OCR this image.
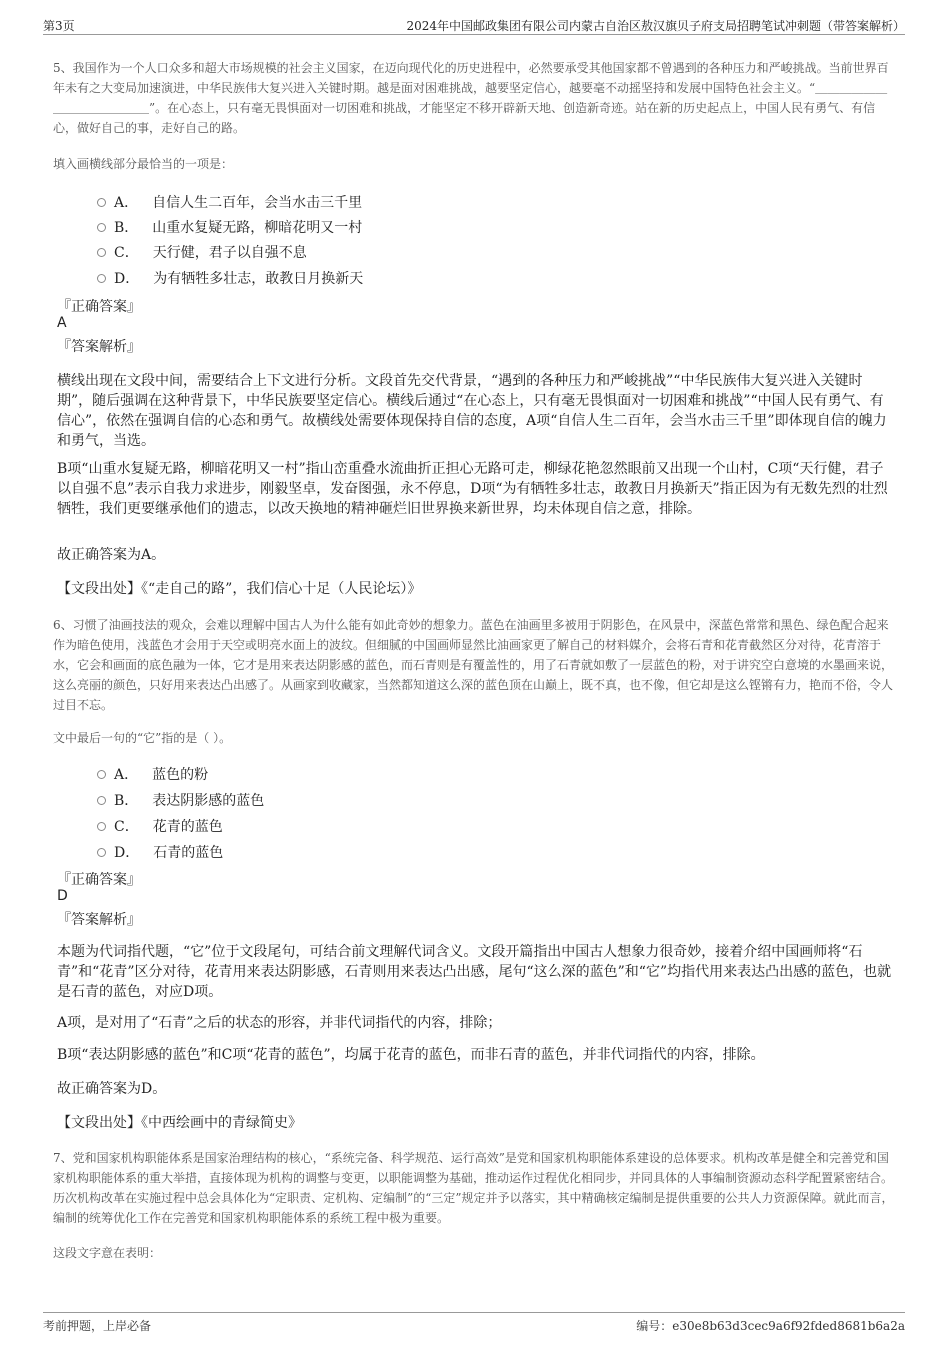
第3页	2024年中国邮政集团有限公司内蒙古自治区敖汉旗贝子府支局招聘笔试冲刺题（带答案解析）
5、我国作为一个人口众多和超大市场规模的社会主义国家，在迈向现代化的历史进程中，必然要承受其他国家都不曾遇到的各种压力和严峻挑战。当前世界百年未有之大变局加速演进，中华民族伟大复兴进入关键时期。越是面对困难挑战，越要坚定信心，越要毫不动摇坚持和发展中国特色社会主义。“＿＿＿＿＿＿＿＿＿＿＿＿＿＿”。在心态上，只有毫无畏惧面对一切困难和挑战，才能坚定不移开辟新天地、创造新奇迹。站在新的历史起点上，中国人民有勇气、有信心，做好自己的事，走好自己的路。
填入画横线部分最恰当的一项是：
A． 自信人生二百年，会当水击三千里
B． 山重水复疑无路，柳暗花明又一村
C． 天行健，君子以自强不息
D． 为有牺牲多壮志，敢教日月换新天
『正确答案』
A
『答案解析』
横线出现在文段中间，需要结合上下文进行分析。文段首先交代背景，“遇到的各种压力和严峻挑战”“中华民族伟大复兴进入关键时期”，随后强调在这种背景下，中华民族要坚定信心。横线后通过“在心态上，只有毫无畏惧面对一切困难和挑战”“中国人民有勇气、有信心”，依然在强调自信的心态和勇气。故横线处需要体现保持自信的态度，A项“自信人生二百年，会当水击三千里”即体现自信的魄力和勇气，当选。
B项“山重水复疑无路，柳暗花明又一村”指山峦重叠水流曲折正担心无路可走，柳绿花艳忽然眼前又出现一个山村，C项“天行健，君子以自强不息”表示自我力求进步，刚毅坚卓，发奋图强，永不停息，D项“为有牺牲多壮志，敢教日月换新天”指正因为有无数先烈的壮烈牺牲，我们更要继承他们的遗志，以改天换地的精神砸烂旧世界换来新世界，均未体现自信之意，排除。
故正确答案为A。
【文段出处】《“走自己的路”，我们信心十足（人民论坛）》
6、习惯了油画技法的观众，会难以理解中国古人为什么能有如此奇妙的想象力。蓝色在油画里多被用于阴影色，在风景中，深蓝色常常和黑色、绿色配合起来作为暗色使用，浅蓝色才会用于天空或明亮水面上的波纹。但细腻的中国画师显然比油画家更了解自己的材料媒介，会将石青和花青截然区分对待，花青溶于水，它会和画面的底色融为一体，它才是用来表达阴影感的蓝色，而石青则是有覆盖性的，用了石青就如敷了一层蓝色的粉，对于讲究空白意境的水墨画来说，这么亮丽的颜色，只好用来表达凸出感了。从画家到收藏家，当然都知道这么深的蓝色顶在山巅上，既不真，也不像，但它却是这么铿锵有力，艳而不俗，令人过目不忘。
文中最后一句的“它”指的是（ ）。
A． 蓝色的粉
B． 表达阴影感的蓝色
C． 花青的蓝色
D． 石青的蓝色
『正确答案』
D
『答案解析』
本题为代词指代题，“它”位于文段尾句，可结合前文理解代词含义。文段开篇指出中国古人想象力很奇妙，接着介绍中国画师将“石青”和“花青”区分对待，花青用来表达阴影感，石青则用来表达凸出感，尾句“这么深的蓝色”和“它”均指代用来表达凸出感的蓝色，也就是石青的蓝色，对应D项。
A项，是对用了“石青”之后的状态的形容，并非代词指代的内容，排除；
B项“表达阴影感的蓝色”和C项“花青的蓝色”，均属于花青的蓝色，而非石青的蓝色，并非代词指代的内容，排除。
故正确答案为D。
【文段出处】《中西绘画中的青绿简史》
7、党和国家机构职能体系是国家治理结构的核心，“系统完备、科学规范、运行高效”是党和国家机构职能体系建设的总体要求。机构改革是健全和完善党和国家机构职能体系的重大举措，直接体现为机构的调整与变更，以职能调整为基础，推动运作过程优化相同步，并同具体的人事编制资源动态科学配置紧密结合。历次机构改革在实施过程中总会具体化为“定职责、定机构、定编制”的“三定”规定并予以落实，其中精确核定编制是提供重要的公共人力资源保障。就此而言，编制的统筹优化工作在完善党和国家机构职能体系的系统工程中极为重要。
这段文字意在表明：
考前押题，上岸必备	编号：e30e8b63d3cec9a6f92fded8681b6a2a
